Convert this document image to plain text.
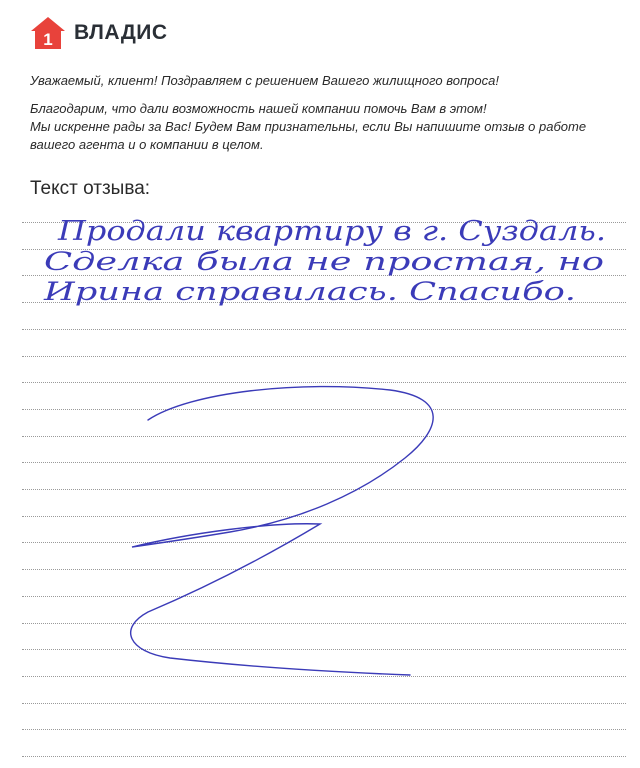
1 ВЛАДИС

Уважаемый, клиент! Поздравляем с решением Вашего жилищного вопроса!

Благодарим, что дали возможность нашей компании помочь Вам в этом!

Мы искренне рады за Вас! Будем Вам признательны, если Вы напишите отзыв о работе

вашего агента и о компании в целом.

Текст отзыва:
Продали квартиру в г. Суздаль.
Сделка была не простая, но
Ирина справилась. Спасибо.
